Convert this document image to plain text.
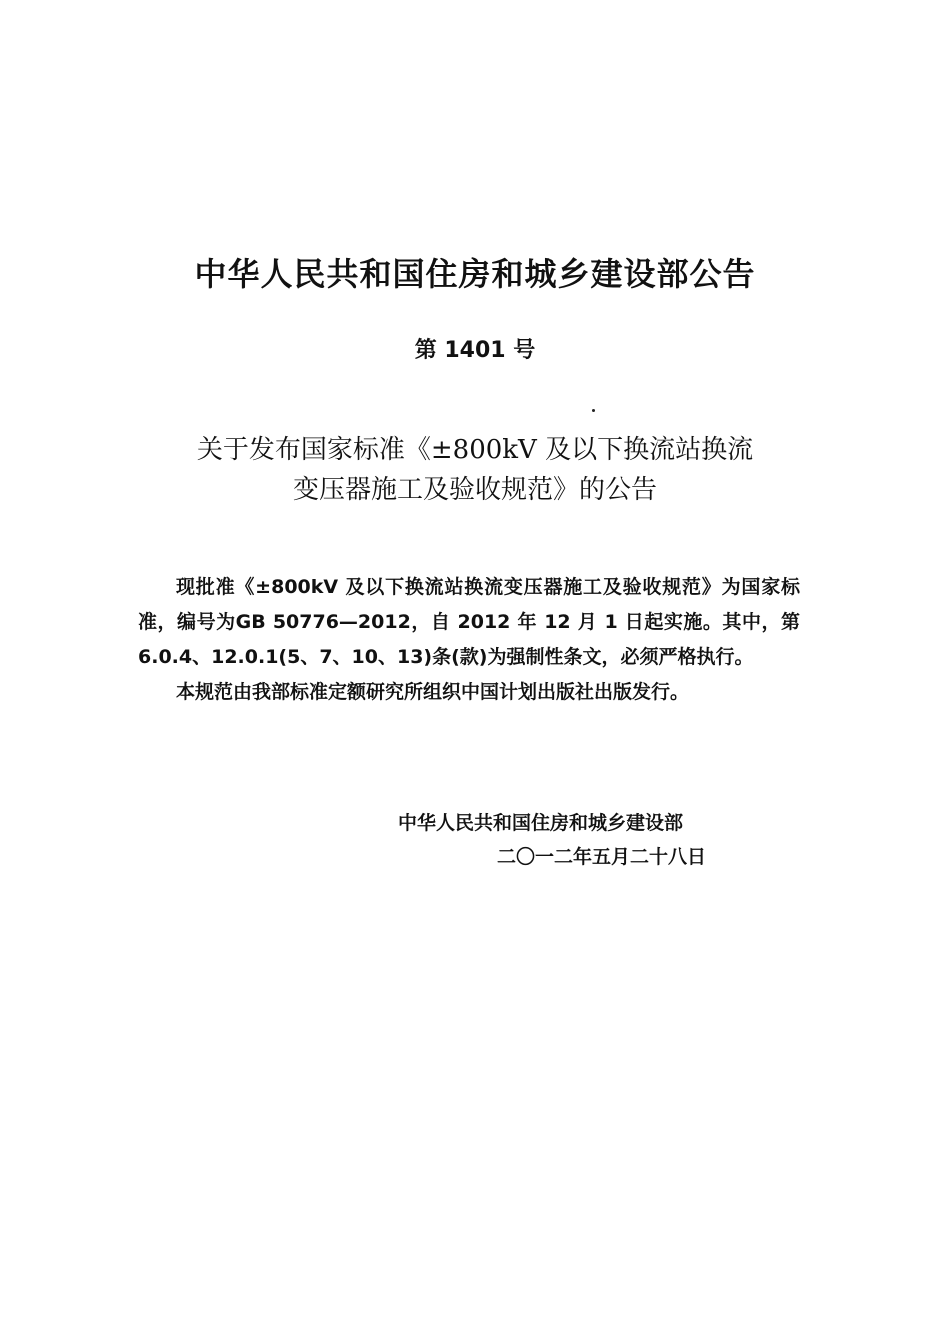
中华人民共和国住房和城乡建设部公告
第 1401 号
关于发布国家标准《±800kV 及以下换流站换流
变压器施工及验收规范》的公告

现批准《±800kV 及以下换流站换流变压器施工及验收规范》为国家标准，编号为GB 50776—2012，自 2012 年 12 月 1 日起实施。其中，第 6.0.4、12.0.1(5、7、10、13)条(款)为强制性条文，必须严格执行。

本规范由我部标准定额研究所组织中国计划出版社出版发行。

中华人民共和国住房和城乡建设部
二〇一二年五月二十八日
